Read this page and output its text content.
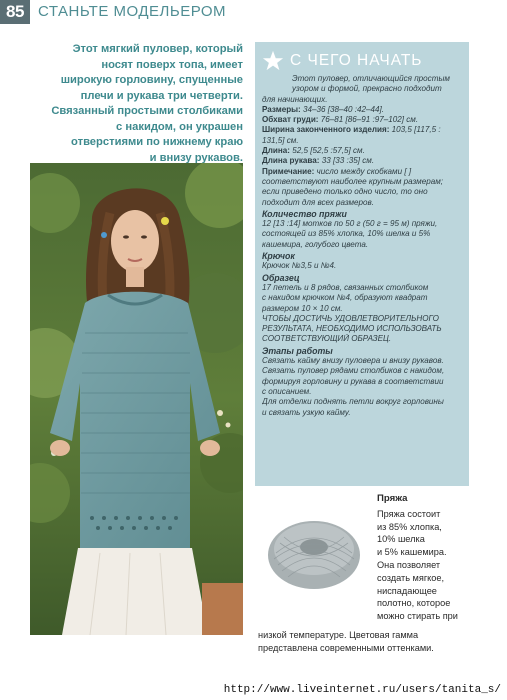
85 СТАНЬТЕ МОДЕЛЬЕРОМ
Этот мягкий пуловер, который
носят поверх топа, имеет
широкую горловину, спущенные
плечи и рукава три четверти.
Связанный простыми столбиками
с накидом, он украшен
отверстиями по нижнему краю
и внизу рукавов.
С ЧЕГО НАЧАТЬ
Этот пуловер, отличающийся простым
узором и формой, прекрасно подходит
для начинающих.
Размеры: 34–36 [38–40 :42–44].
Обхват груди: 76–81 [86–91 :97–102] см.
Ширина законченного изделия: 103,5 [117,5 :
131,5] см.
Длина: 52,5 [52,5 :57,5] см.
Длина рукава: 33 [33 :35] см.
Примечание: число между скобками [ ]
соответствуют наиболее крупным размерам;
если приведено только одно число, то оно
подходит для всех размеров.
Количество пряжи
12 [13 :14] мотков по 50 г (50 г = 95 м) пряжи,
состоящей из 85% хлопка, 10% шелка и 5%
кашемира, голубого цвета.
Крючок
Крючок №3,5 и №4.
Образец
17 петель и 8 рядов, связанных столбиком
с накидом крючком №4, образуют квадрат
размером 10 × 10 см.
ЧТОБЫ ДОСТИЧЬ УДОВЛЕТВОРИТЕЛЬНОГО
РЕЗУЛЬТАТА, НЕОБХОДИМО ИСПОЛЬЗОВАТЬ
СООТВЕТСТВУЮЩИЙ ОБРАЗЕЦ.
Этапы работы
Связать кайму внизу пуловера и внизу рукавов.
Связать пуловер рядами столбиков с накидом,
формируя горловину и рукава в соответствии
с описанием.
Для отделки поднять петли вокруг горловины
и связать узкую кайму.
Пряжа
Пряжа состоит
из 85% хлопка,
10% шелка
и 5% кашемира.
Она позволяет
создать мягкое,
ниспадающее
полотно, которое
можно стирать при
низкой температуре. Цветовая гамма
представлена современными оттенками.
http://www.liveinternet.ru/users/tanita_s/
